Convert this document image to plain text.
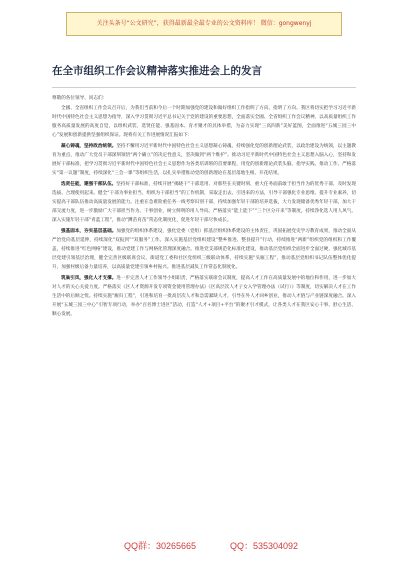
关注头条号“公文研究”，获得最新最全最专业的公文资料库！ 微信：gongwenyj
在全市组织工作会议精神落实推进会上的发言

尊敬的各位领导、同志们：

全國、全省组织工作会议召开后，为我们当前和今后一个时期加强党的建设和做好组织工作指明了方向、指明了方向。我区将切实把学习习近平新时代中国特色社会主义思想为指导，深入学习贯彻习近平总书记关于党的建设的重要思想，全面落实全國、全省组织工作会议精神，以高质量组织工作服务高质量发展的高度自觉，以组织武装、选贤任能、强基固本、育才聚才的具体举措，为奋力实现“三高四新”美好蓝图，全面推进“五城三园三中心”发展和创新提供坚强组织保证。现将有关工作进展情况汇报如下：

凝心铸魂，坚持政治统领。坚持不懈用习近平新时代中国特色社会主义思想凝心铸魂，持续强化党的创新理论武装，以政治建设为统领，以主题教育为重点，推动广大党员干部深刻领悟“两个确立”的决定性意义，坚决做到“两个维护”。推动习近平新时代中国特色社会主义思想入脑入心，坚持和发展好干部标准，把学习贯彻习近平新时代中国特色社会主义思想作为各类培训班的首要课程，用党的创新理论武装头脑、指导实践、推动工作。严格落实“第一议题”制度，持续深化“三会一课”等组织生活，以扎实举措推动党的创新理论在基层落地生根、开花结果。

选贤任能，建强干部队伍。坚持好干部标准，持续开展“揭晓干”干部选用、对那些在关键时刻、重大任务面前敢于担当作为的优秀干部，及时发现选拔、合理使用起来。健全“干部为事业担当、组织为干部担当”的工作机制，采取走出去、引进来的方法，引导干部强化专业思维、提升专业素养，切实提高干部队伍推动高质量发展的能力。注重在急难险重任务一线考察识别干部，持续加强年轻干部的培养选拔，大力发现储备优秀年轻干部，加大干部交流力度，进一步激励广大干部担当作为、干事创业，树立鲜明的用人导向。严格落实“能上能下”“三个区分开来”等制度，持续净化选人用人风气，深入实施年轻干部“青蓝工程”，推动“蹲苗育苗”常态化制度化，促进年轻干部尽快成长。

强基固本，夯实基层基础。加强党的组织体系建设，强化党委（党组）抓基层组织体系建设的主体责任，巩固拓展党史学习教育成果，推动全面从严治党向基层延伸，持续深化“双报到”“双服务”工作。深入实施基层党组织建设“整乡推进、整县提升”行动，持续推进“两新”组织党的组织和工作覆盖，持续推进“红色网格”建设，推动党建工作与网格化管理深度融合。推进党支部规范化标准化建设，推动基层党组织全面进步全面过硬，强化城市基层党建引领基层治理，健全完善区级联席会议、街道党工委和社区党组织三级联动体系，持续实施“头雁工程”，推动基层党组织书记队伍整体优化提升，加强村级后备力量培养，以高质量党建引领乡村振兴。推进基层减负工作常态化制度化。

筑巢引凤，强化人才支撑。进一步完善人才工作领导小组职责，严格落实联席会议制度，提高人才工作在高质量发展中的地位和作用，进一步加大对人才的关心关爱力度。严格落实《区人才资源开发专项资金使用管理办法》《区高层次人才子女入学管理办法（试行）》等制度，切实解决人才在工作生活中的后顾之忧。持续实施“雁归工程”，引进和培育一批高层次人才和急需紧缺人才，引导在外人才回乡创业，推动人才链与产业链深度融合。深入开展“五城三园三中心”引智专项行动，举办“百名博士进区”活动，打造“人才+项目+平台”的聚才引才模式，让各类人才在我区安心干事、舒心生活、顺心发展。

QQ群：30265665	QQ：535304092
